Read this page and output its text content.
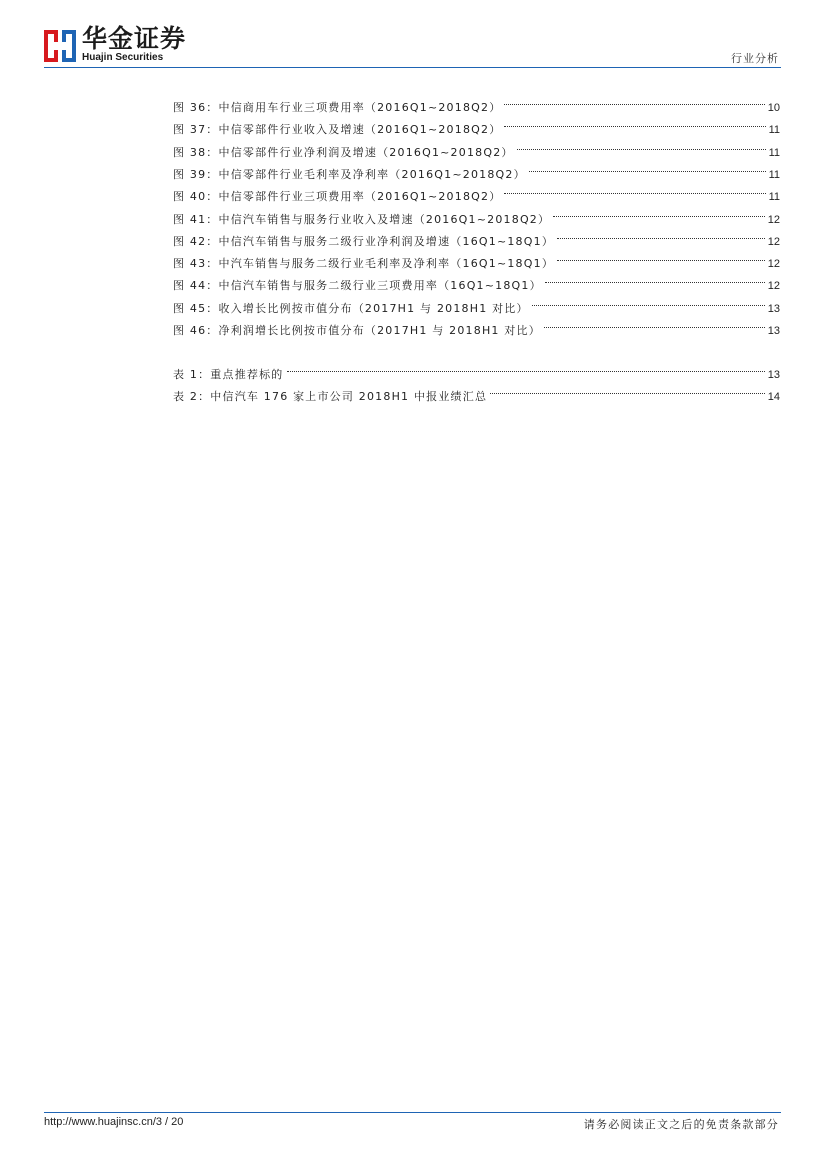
华金证券
Huajin Securities	行业分析
图 36：中信商用车行业三项费用率（2016Q1~2018Q2）	10
图 37：中信零部件行业收入及增速（2016Q1~2018Q2）	11
图 38：中信零部件行业净利润及增速（2016Q1~2018Q2）	11
图 39：中信零部件行业毛利率及净利率（2016Q1~2018Q2）	11
图 40：中信零部件行业三项费用率（2016Q1~2018Q2）	11
图 41：中信汽车销售与服务行业收入及增速（2016Q1~2018Q2）	12
图 42：中信汽车销售与服务二级行业净利润及增速（16Q1~18Q1）	12
图 43：中汽车销售与服务二级行业毛利率及净利率（16Q1~18Q1）	12
图 44：中信汽车销售与服务二级行业三项费用率（16Q1~18Q1）	12
图 45：收入增长比例按市值分布（2017H1 与 2018H1 对比）	13
图 46：净利润增长比例按市值分布（2017H1 与 2018H1 对比）	13
表 1：重点推荐标的	13
表 2：中信汽车 176 家上市公司 2018H1 中报业绩汇总	14
http://www.huajinsc.cn/3 / 20	请务必阅读正文之后的免责条款部分
